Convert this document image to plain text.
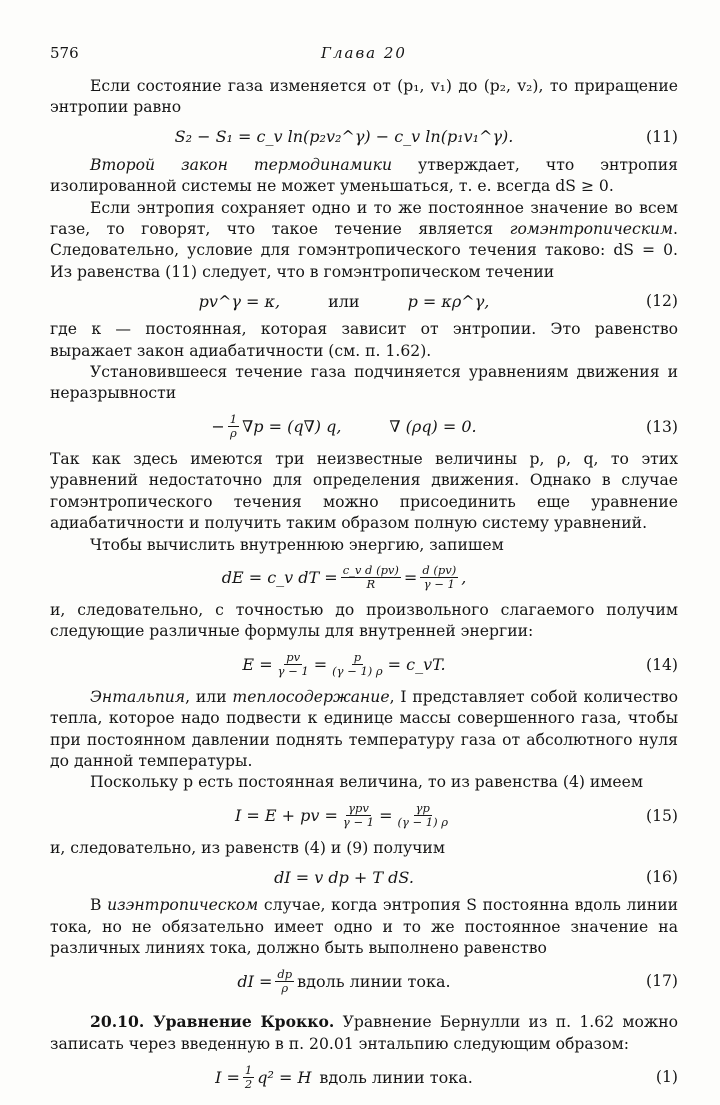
576	Глава 20

Если состояние газа изменяется от (p₁, v₁) до (p₂, v₂), то приращение энтропии равно

S₂ − S₁ = c_v ln(p₂v₂^γ) − c_v ln(p₁v₁^γ).	(11)

Второй закон термодинамики утверждает, что энтропия изолированной системы не может уменьшаться, т. е. всегда dS ≥ 0.

Если энтропия сохраняет одно и то же постоянное значение во всем газе, то говорят, что такое течение является гомэнтропическим. Следовательно, условие для гомэнтропического течения таково: dS = 0. Из равенства (11) следует, что в гомэнтропическом течении

pv^γ = κ,	или	p = κρ^γ,	(12)

где κ — постоянная, которая зависит от энтропии. Это равенство выражает закон адиабатичности (см. п. 1.62).

Установившееся течение газа подчиняется уравнениям движения и неразрывности

− $\frac{1}{\rho} \nabla p = (q\nabla)$ q,	∇ (ρq) = 0.	(13)

Так как здесь имеются три неизвестные величины p, ρ, q, то этих уравнений недостаточно для определения движения. Однако в случае гомэнтропического течения можно присоединить еще уравнение адиабатичности и получить таким образом полную систему уравнений.

Чтобы вычислить внутреннюю энергию, запишем

dE = c_v dT = $\frac{\text{c\_v d (pv)}}{R} = \frac{d (pv)}{\gamma - 1}$ ,

и, следовательно, с точностью до произвольного слагаемого получим следующие различные формулы для внутренней энергии:

$E = \frac{pv}{\gamma - 1} = \frac{p}{(\gamma - 1) \rho}$ = c_vT.	(14)

Энтальпия, или теплосодержание, I представляет собой количество тепла, которое надо подвести к единице массы совершенного газа, чтобы при постоянном давлении поднять температуру газа от абсолютного нуля до данной температуры.

Поскольку p есть постоянная величина, то из равенства (4) имеем

I = E + pv = $\frac{\text{γpv}}{\gamma - 1} = \frac{\gamma p}{(\gamma - 1) \rho}$	(15)

и, следовательно, из равенств (4) и (9) получим

dI = v dp + T dS.	(16)

В изэнтропическом случае, когда энтропия S постоянна вдоль линии тока, но не обязательно имеет одно и то же постоянное значение на различных линиях тока, должно быть выполнено равенство

dI = $\frac{dp}{\rho}$ вдоль линии тока.	(17)

20.10. Уравнение Крокко. Уравнение Бернулли из п. 1.62 можно записать через введенную в п. 20.01 энтальпию следующим образом:

$I = \frac{1}{2} q^2 = H$ вдоль линии тока.	(1)
